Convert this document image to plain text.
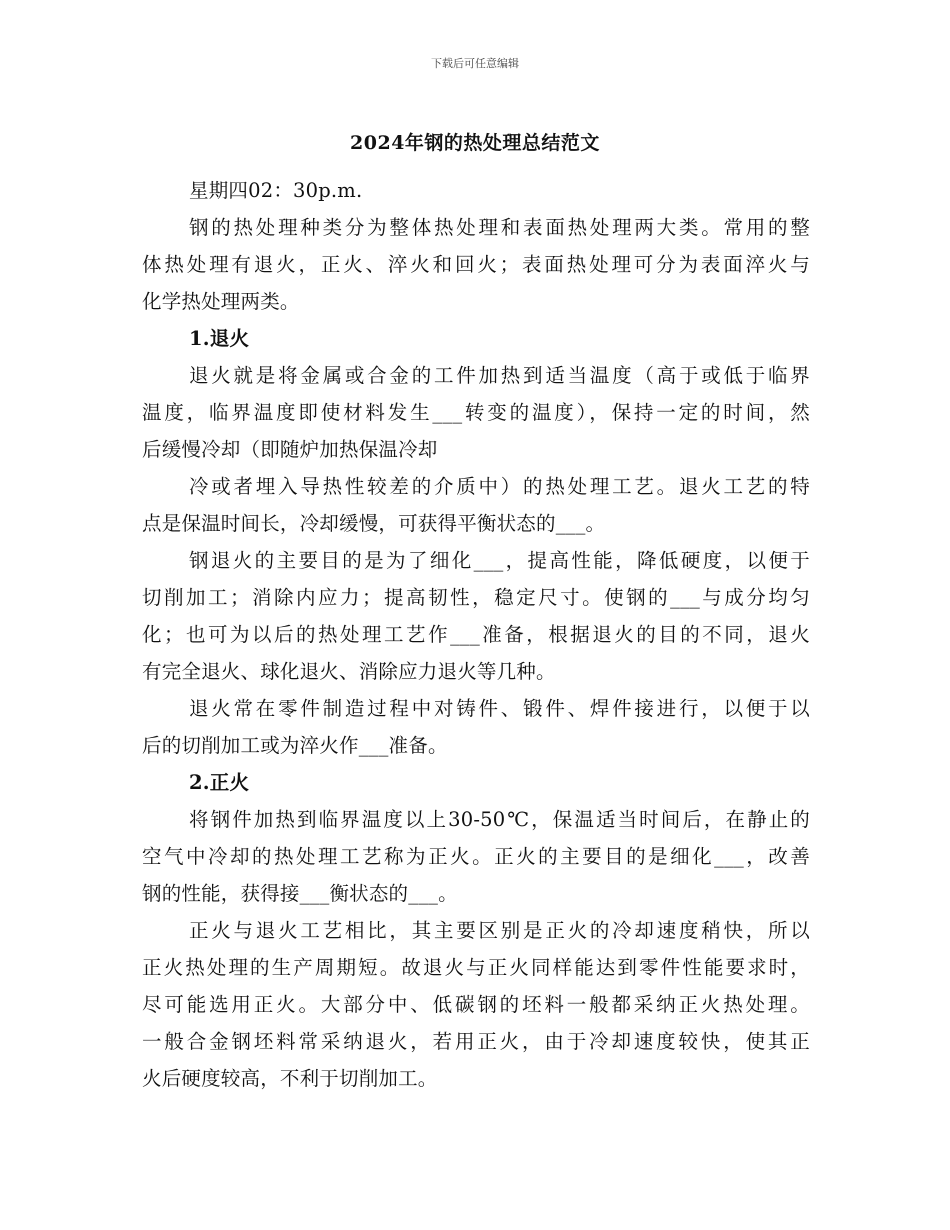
下载后可任意编辑
2024年钢的热处理总结范文
星期四02：30p.m.
钢的热处理种类分为整体热处理和表面热处理两大类。常用的整
体热处理有退火，正火、淬火和回火；表面热处理可分为表面淬火与
化学热处理两类。
1.退火
退火就是将金属或合金的工件加热到适当温度（高于或低于临界
温度，临界温度即使材料发生___转变的温度），保持一定的时间，然
后缓慢冷却（即随炉加热保温冷却
冷或者埋入导热性较差的介质中）的热处理工艺。退火工艺的特
点是保温时间长，冷却缓慢，可获得平衡状态的___。
钢退火的主要目的是为了细化___，提高性能，降低硬度，以便于
切削加工；消除内应力；提高韧性，稳定尺寸。使钢的___与成分均匀
化；也可为以后的热处理工艺作___准备，根据退火的目的不同，退火
有完全退火、球化退火、消除应力退火等几种。
退火常在零件制造过程中对铸件、锻件、焊件接进行，以便于以
后的切削加工或为淬火作___准备。
2.正火
将钢件加热到临界温度以上30-50℃，保温适当时间后，在静止的
空气中冷却的热处理工艺称为正火。正火的主要目的是细化___，改善
钢的性能，获得接___衡状态的___。
正火与退火工艺相比，其主要区别是正火的冷却速度稍快，所以
正火热处理的生产周期短。故退火与正火同样能达到零件性能要求时，
尽可能选用正火。大部分中、低碳钢的坯料一般都采纳正火热处理。
一般合金钢坯料常采纳退火，若用正火，由于冷却速度较快，使其正
火后硬度较高，不利于切削加工。
